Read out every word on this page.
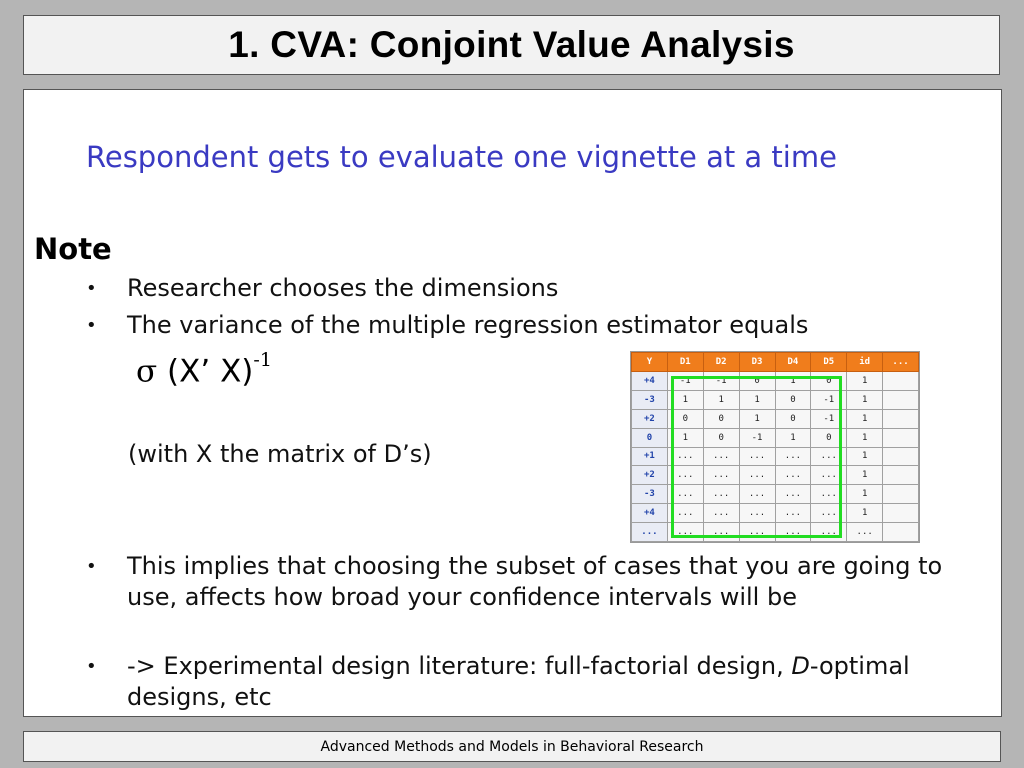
1. CVA: Conjoint Value Analysis

Respondent gets to evaluate one vignette at a time

Note

• Researcher chooses the dimensions
• The variance of the multiple regression estimator equals
σ (X’ X)$^{-1}$
(with X the matrix of D’s)
Y	D1	D2	D3	D4	D5	id	...
+4	-1	-1	0	1	0	1	
-3	1	1	1	0	-1	1	
+2	0	0	1	0	-1	1	
0	1	0	-1	1	0	1	
+1	...	...	...	...	...	1	
+2	...	...	...	...	...	1	
-3	...	...	...	...	...	1	
+4	...	...	...	...	...	1	
...	...	...	...	...	...	...	
• This implies that choosing the subset of cases that you are going to use, affects how broad your confidence intervals will be
• -> Experimental design literature: full-factorial design, D-optimal designs, etc
Advanced Methods and Models in Behavioral Research
